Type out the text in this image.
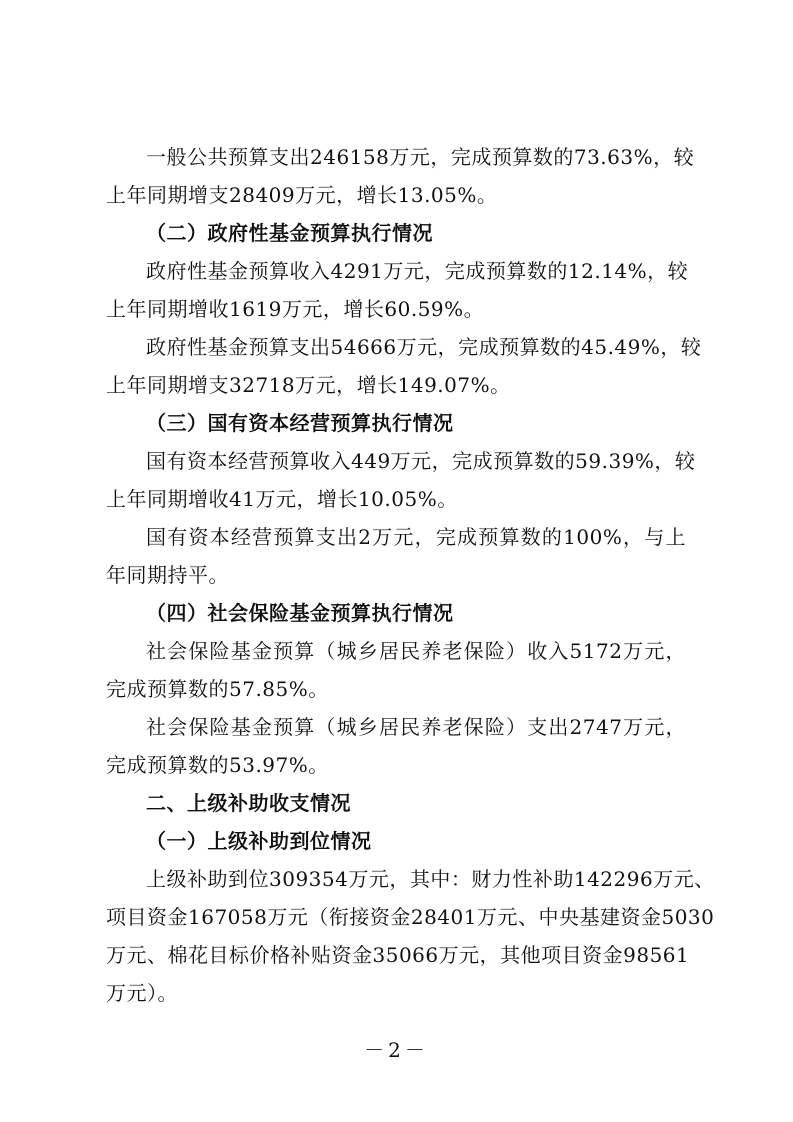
一般公共预算支出246158万元，完成预算数的73.63%，较
上年同期增支28409万元，增长13.05%。
（二）政府性基金预算执行情况
政府性基金预算收入4291万元，完成预算数的12.14%，较
上年同期增收1619万元，增长60.59%。
政府性基金预算支出54666万元，完成预算数的45.49%，较
上年同期增支32718万元，增长149.07%。
（三）国有资本经营预算执行情况
国有资本经营预算收入449万元，完成预算数的59.39%，较
上年同期增收41万元，增长10.05%。
国有资本经营预算支出2万元，完成预算数的100%，与上
年同期持平。
（四）社会保险基金预算执行情况
社会保险基金预算（城乡居民养老保险）收入5172万元，
完成预算数的57.85%。
社会保险基金预算（城乡居民养老保险）支出2747万元，
完成预算数的53.97%。
二、上级补助收支情况
（一）上级补助到位情况
上级补助到位309354万元，其中：财力性补助142296万元、
项目资金167058万元（衔接资金28401万元、中央基建资金5030
万元、棉花目标价格补贴资金35066万元，其他项目资金98561
万元）。
－2－
